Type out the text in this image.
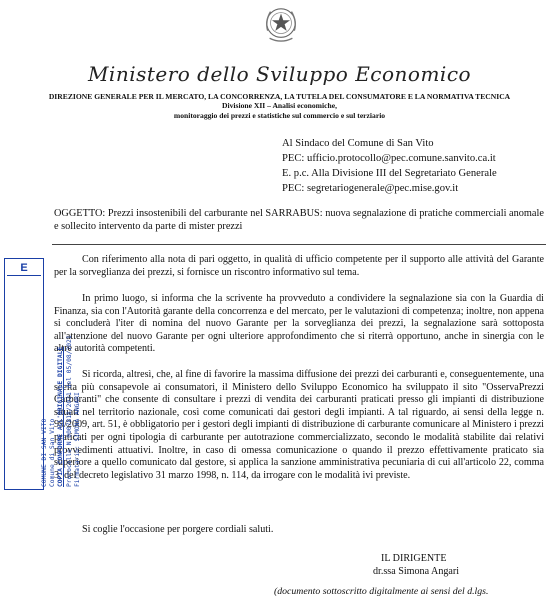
Ministero dello Sviluppo Economico
DIREZIONE GENERALE PER IL MERCATO, LA CONCORRENZA, LA TUTELA DEL CONSUMATORE E LA NORMATIVA TECNICA
Divisione XII – Analisi economiche,
monitoraggio dei prezzi e statistiche sul commercio e sul terziario
Al Sindaco del Comune di San Vito
PEC: ufficio.protocollo@pec.comune.sanvito.ca.it
E. p.c. Alla Divisione III del Segretariato Generale
PEC: segretariogenerale@pec.mise.gov.it
OGGETTO: Prezzi insostenibili del carburante nel SARRABUS: nuova segnalazione di pratiche commerciali anomale e sollecito intervento da parte di mister prezzi
Con riferimento alla nota di pari oggetto, in qualità di ufficio competente per il supporto alle attività del Garante per la sorveglianza dei prezzi, si fornisce un riscontro informativo sul tema.
In primo luogo, si informa che la scrivente ha provveduto a condividere la segnalazione sia con la Guardia di Finanza, sia con l'Autorità garante della concorrenza e del mercato, per le valutazioni di competenza; inoltre, non appena si concluderà l'iter di nomina del nuovo Garante per la sorveglianza dei prezzi, la segnalazione sarà sottoposta all'attenzione del nuovo Garante per ogni ulteriore approfondimento che si riterrà opportuno, anche in sinergia con le altre autorità competenti.
Si ricorda, altresì, che, al fine di favorire la massima diffusione dei prezzi dei carburanti e, conseguentemente, una scelta più consapevole ai consumatori, il Ministero dello Sviluppo Economico ha sviluppato il sito "OsservaPrezzi Carburanti" che consente di consultare i prezzi di vendita dei carburanti praticati presso gli impianti di distribuzione situati nel territorio nazionale, così come comunicati dai gestori degli impianti. A tal riguardo, ai sensi della legge n. 99/2009, art. 51, è obbligatorio per i gestori degli impianti di distribuzione di carburante comunicare al Ministero i prezzi praticati per ogni tipologia di carburante per autotrazione commercializzato, secondo le modalità stabilite dai relativi provvedimenti attuativi. Inoltre, in caso di omessa comunicazione o quando il prezzo effettivamente praticato sia superiore a quello comunicato dal gestore, si applica la sanzione amministrativa pecuniaria di cui all'articolo 22, comma 3, del decreto legislativo 31 marzo 1998, n. 114, da irrogare con le modalità ivi previste.
Si coglie l'occasione per porgere cordiali saluti.
IL DIRIGENTE
dr.ssa Simona Angari
(documento sottoscritto digitalmente ai sensi del d.lgs.
E
COMUNE DI SAN VITO Comune di San Vito COPIA CONFORME ALL'ORIGINALE DIGITALE Protocollo N.0007818/2021 del 05/08/2021 Firmatario: SIMONA ANGARI
